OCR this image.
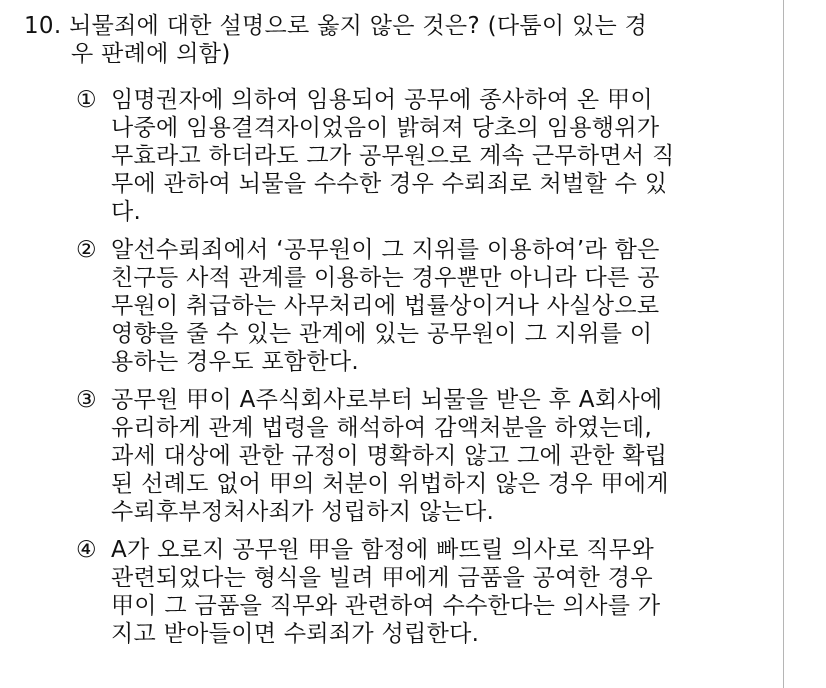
10. 뇌물죄에 대한 설명으로 옳지 않은 것은? (다툼이 있는 경
우 판례에 의함)
① 임명권자에 의하여 임용되어 공무에 종사하여 온 甲이
나중에 임용결격자이었음이 밝혀져 당초의 임용행위가
무효라고 하더라도 그가 공무원으로 계속 근무하면서 직
무에 관하여 뇌물을 수수한 경우 수뢰죄로 처벌할 수 있
다.
② 알선수뢰죄에서 ‘공무원이 그 지위를 이용하여’라 함은
친구등 사적 관계를 이용하는 경우뿐만 아니라 다른 공
무원이 취급하는 사무처리에 법률상이거나 사실상으로
영향을 줄 수 있는 관계에 있는 공무원이 그 지위를 이
용하는 경우도 포함한다.
③ 공무원 甲이 A주식회사로부터 뇌물을 받은 후 A회사에
유리하게 관계 법령을 해석하여 감액처분을 하였는데,
과세 대상에 관한 규정이 명확하지 않고 그에 관한 확립
된 선례도 없어 甲의 처분이 위법하지 않은 경우 甲에게
수뢰후부정처사죄가 성립하지 않는다.
④ A가 오로지 공무원 甲을 함정에 빠뜨릴 의사로 직무와
관련되었다는 형식을 빌려 甲에게 금품을 공여한 경우
甲이 그 금품을 직무와 관련하여 수수한다는 의사를 가
지고 받아들이면 수뢰죄가 성립한다.
